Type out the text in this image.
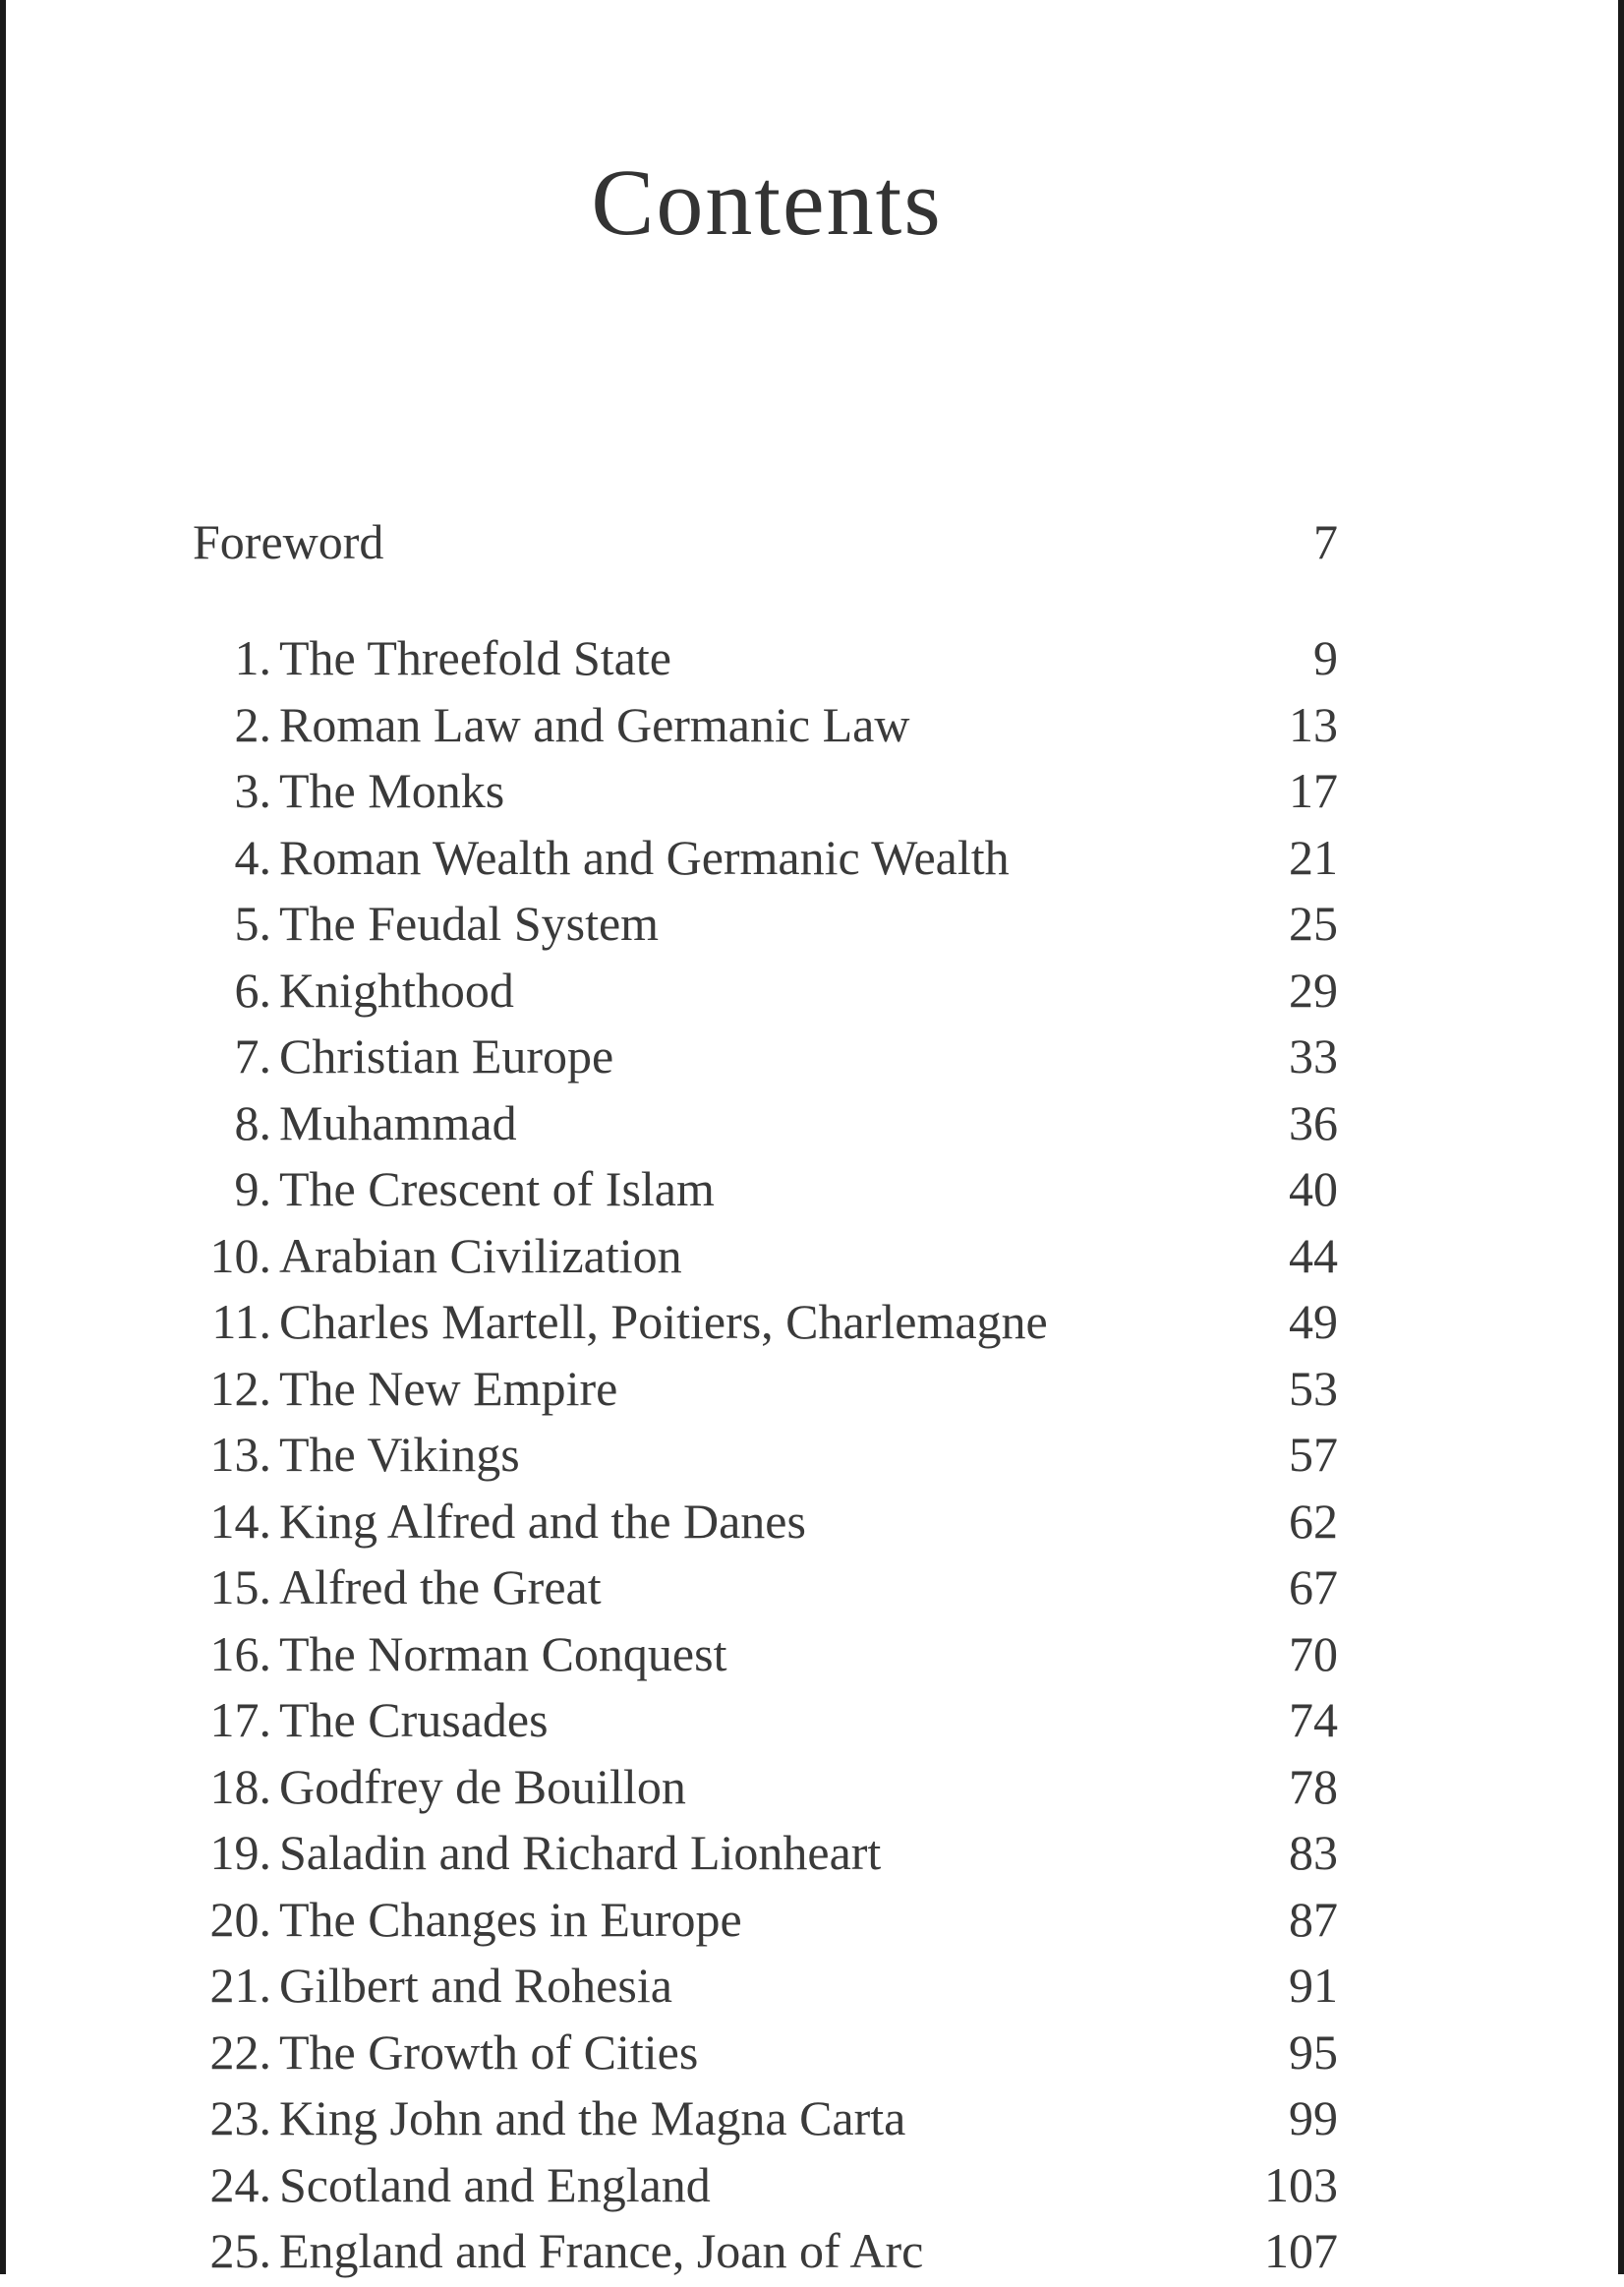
Contents
Foreword	7
1. The Threefold State	9
2. Roman Law and Germanic Law	13
3. The Monks	17
4. Roman Wealth and Germanic Wealth	21
5. The Feudal System	25
6. Knighthood	29
7. Christian Europe	33
8. Muhammad	36
9. The Crescent of Islam	40
10. Arabian Civilization	44
11. Charles Martell, Poitiers, Charlemagne	49
12. The New Empire	53
13. The Vikings	57
14. King Alfred and the Danes	62
15. Alfred the Great	67
16. The Norman Conquest	70
17. The Crusades	74
18. Godfrey de Bouillon	78
19. Saladin and Richard Lionheart	83
20. The Changes in Europe	87
21. Gilbert and Rohesia	91
22. The Growth of Cities	95
23. King John and the Magna Carta	99
24. Scotland and England	103
25. England and France, Joan of Arc	107
